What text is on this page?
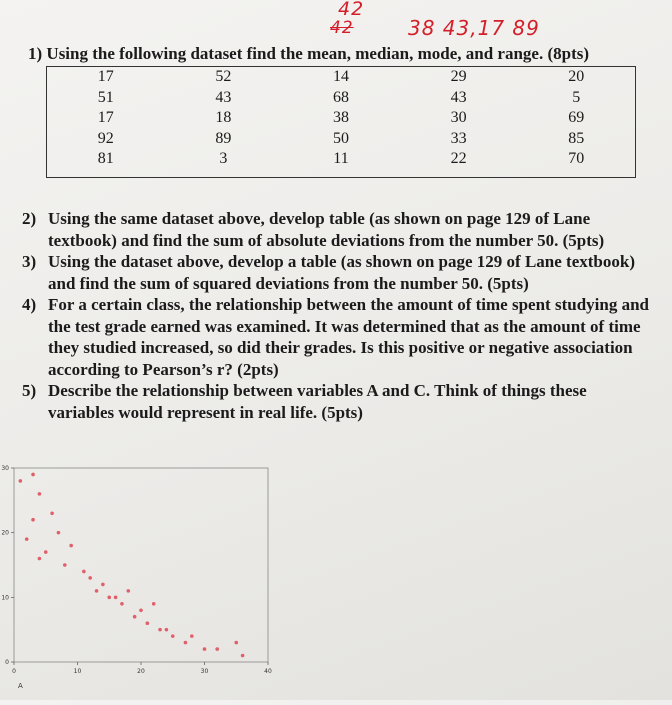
42
42	38 43,17 89
1) Using the following dataset find the mean, median, mode, and range. (8pts)
17	52	14	29	20
51	43	68	43	5
17	18	38	30	69
92	89	50	33	85
81	3	11	22	70
2) Using the same dataset above, develop table (as shown on page 129 of Lane textbook) and find the sum of absolute deviations from the number 50. (5pts)
3) Using the dataset above, develop a table (as shown on page 129 of Lane textbook) and find the sum of squared deviations from the number 50. (5pts)
4) For a certain class, the relationship between the amount of time spent studying and the test grade earned was examined. It was determined that as the amount of time they studied increased, so did their grades. Is this positive or negative association according to Pearson’s r? (2pts)
5) Describe the relationship between variables A and C. Think of things these variables would represent in real life. (5pts)
0	10	20	30	40
0
10
20
30
A
